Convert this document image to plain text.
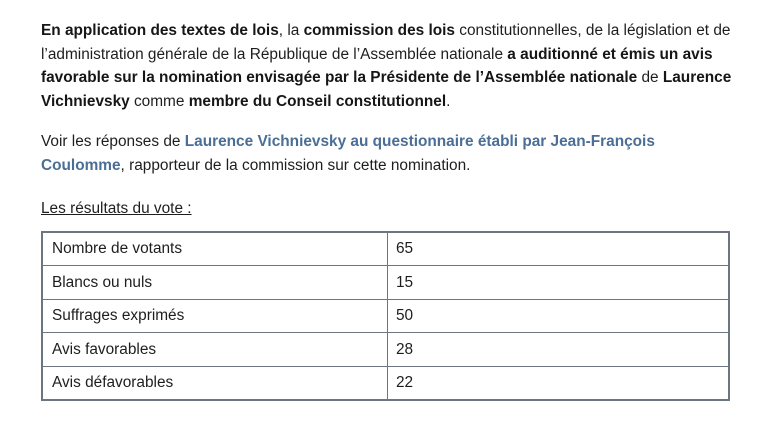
En application des textes de lois, la commission des lois constitutionnelles, de la législation et de l’administration générale de la République de l’Assemblée nationale a auditionné et émis un avis favorable sur la nomination envisagée par la Présidente de l’Assemblée nationale de Laurence Vichnievsky comme membre du Conseil constitutionnel.

Voir les réponses de Laurence Vichnievsky au questionnaire établi par Jean-François Coulomme, rapporteur de la commission sur cette nomination.

Les résultats du vote :

Nombre de votants	65
Blancs ou nuls	15
Suffrages exprimés	50
Avis favorables	28
Avis défavorables	22
